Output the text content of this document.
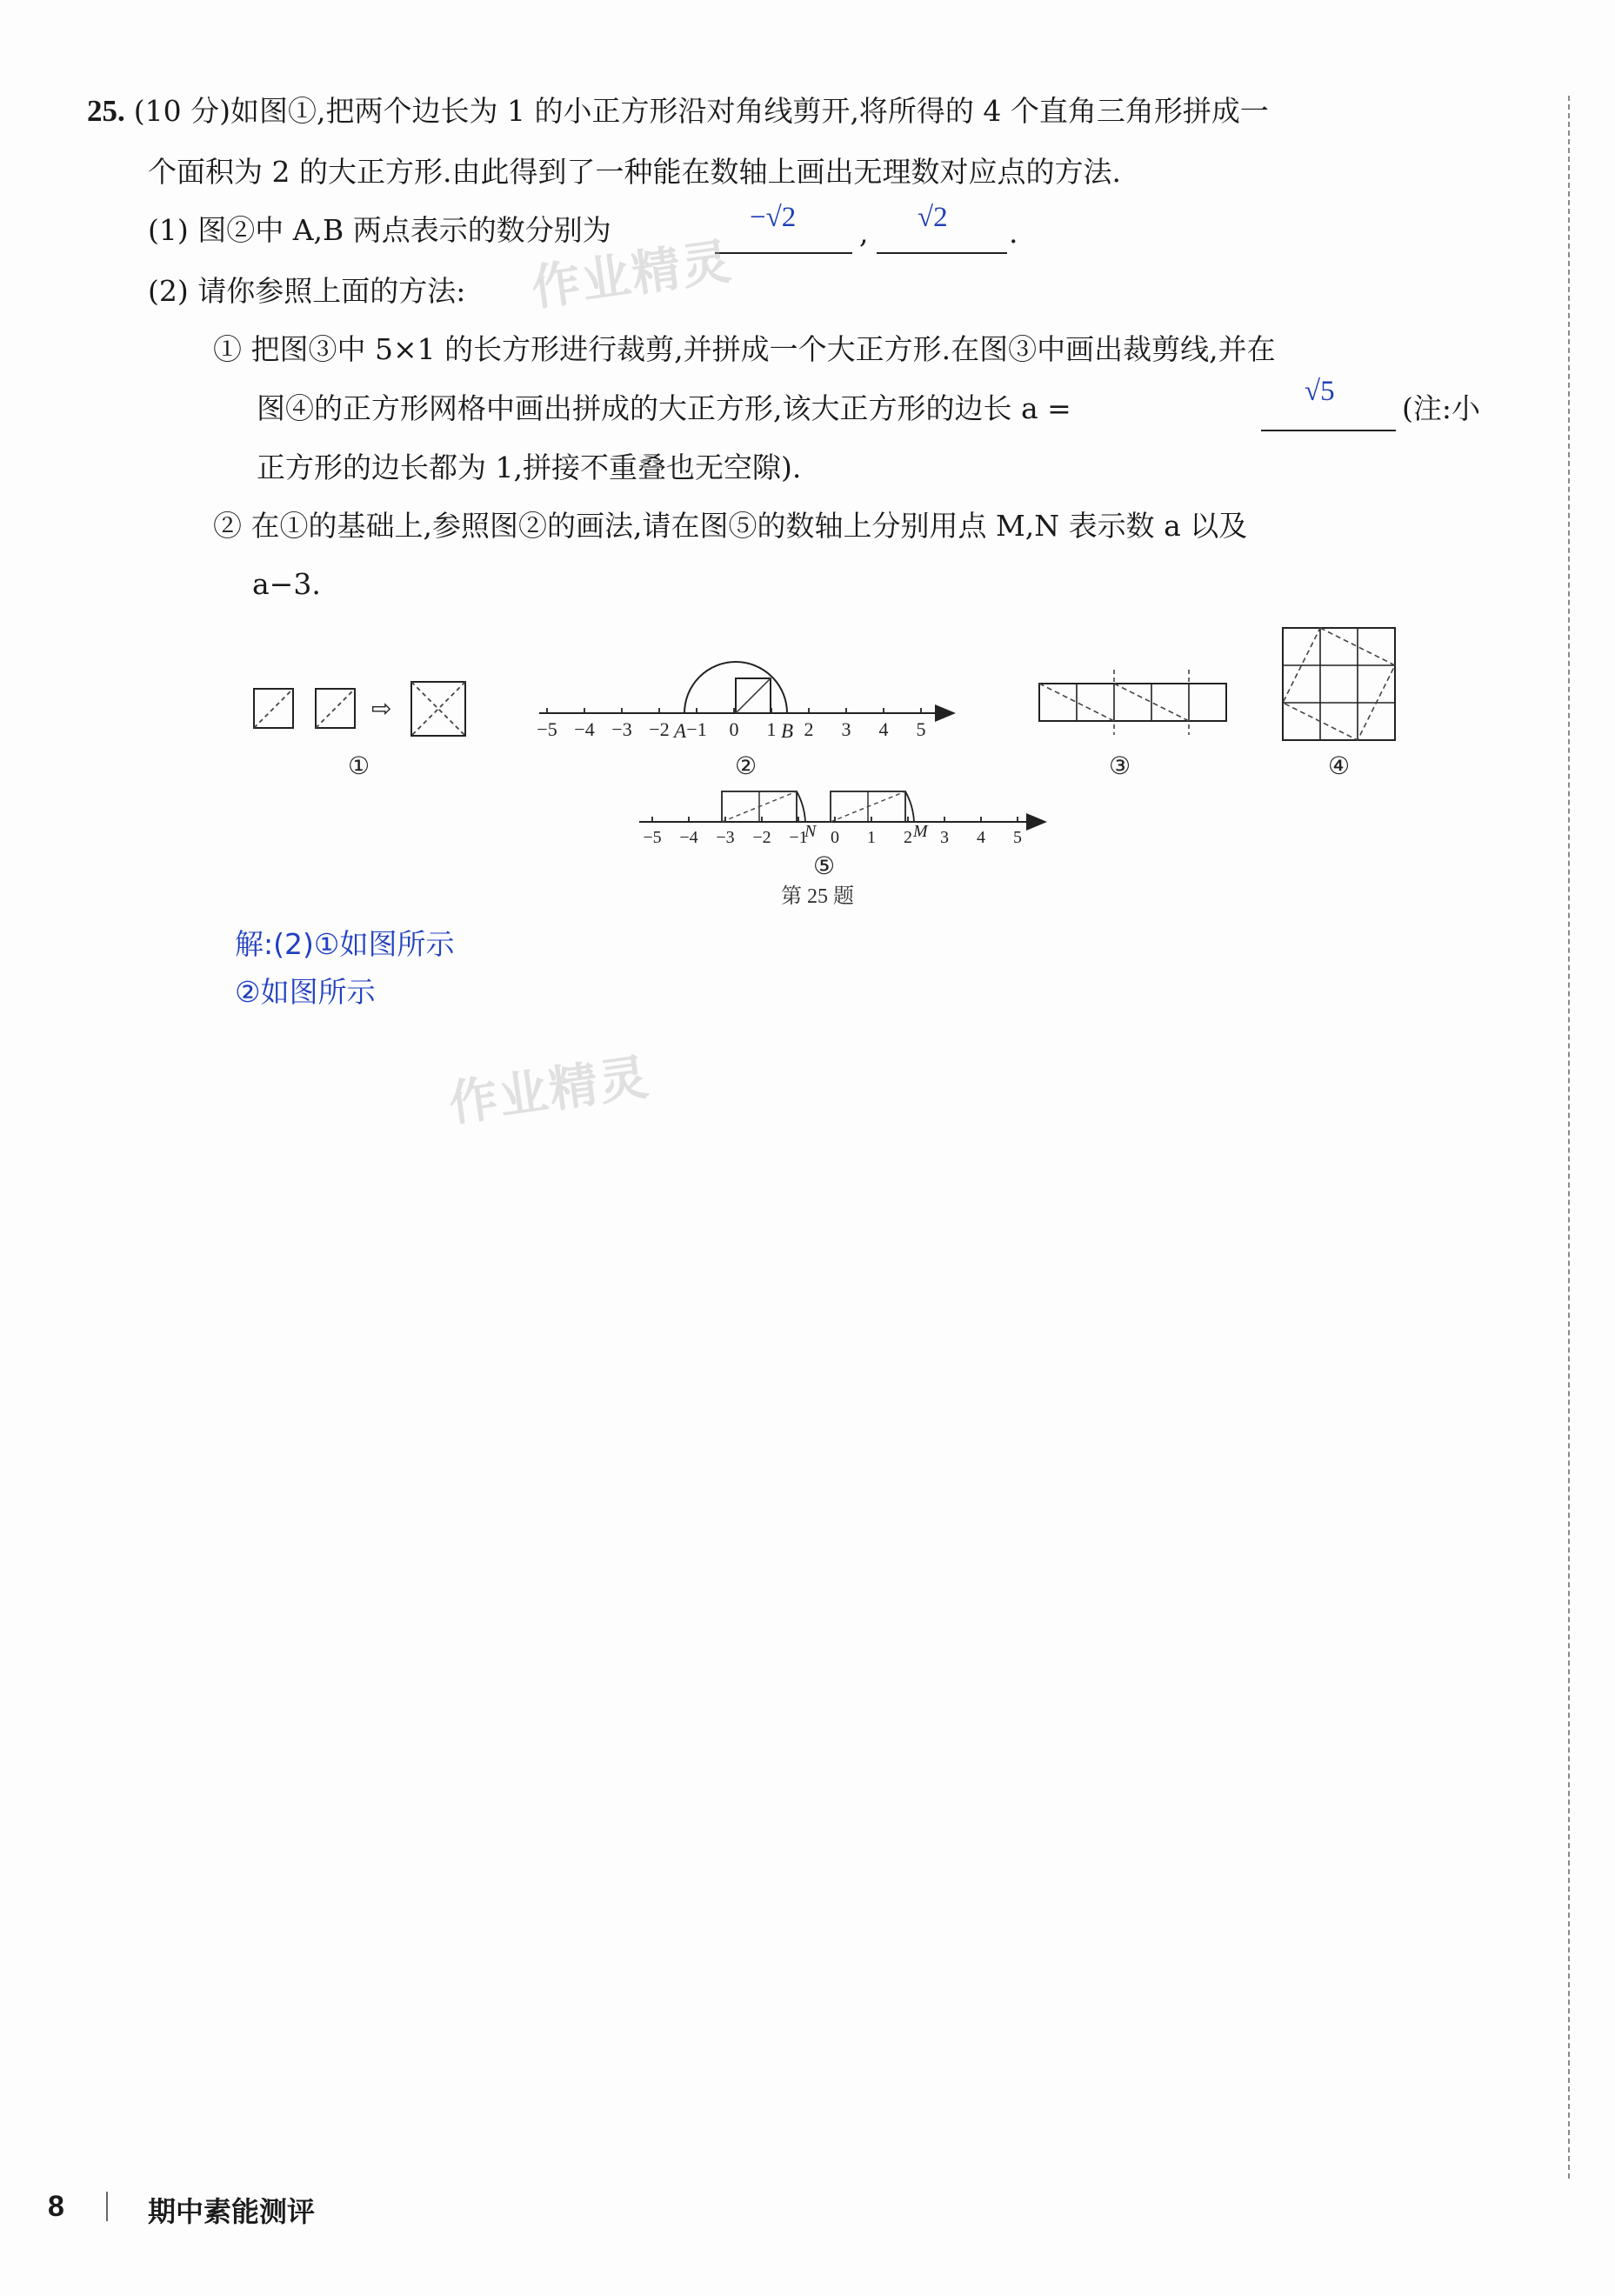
25. (10 分)如图①,把两个边长为 1 的小正方形沿对角线剪开,将所得的 4 个直角三角形拼成一
个面积为 2 的大正方形.由此得到了一种能在数轴上画出无理数对应点的方法.
(1) 图②中 A,B 两点表示的数分别为	−√2 , √2 .
(2) 请你参照上面的方法:
① 把图③中 5×1 的长方形进行裁剪,并拼成一个大正方形.在图③中画出裁剪线,并在
图④的正方形网格中画出拼成的大正方形,该大正方形的边长 a =	√5 (注:小
正方形的边长都为 1,拼接不重叠也无空隙).
② 在①的基础上,参照图②的画法,请在图⑤的数轴上分别用点 M,N 表示数 a 以及
a−3.
⇨
①
−5 −4 −3 −2 −1 0 1 2 3 4 5
A	B
②	③	④
−5 −4 −3 −2 −1 0 1 2 3 4 5
N	M
⑤
第 25 题
解:(2)①如图所示
②如图所示
作业精灵
作业精灵
8	期中素能测评
